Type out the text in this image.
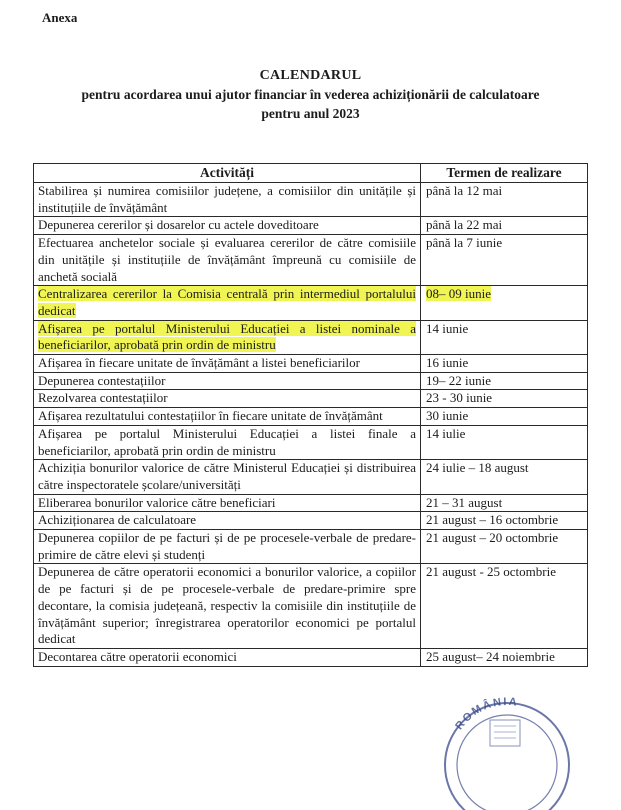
Anexa
CALENDARUL
pentru acordarea unui ajutor financiar în vederea achiziționării de calculatoare
pentru anul 2023
Activități	Termen de realizare
Stabilirea și numirea comisiilor județene, a comisiilor din unitățile și instituțiile de învățământ	până la 12 mai
Depunerea cererilor și dosarelor cu actele doveditoare	până la 22 mai
Efectuarea anchetelor sociale și evaluarea cererilor de către comisiile din unitățile și instituțiile de învățământ împreună cu comisiile de anchetă socială	până la 7 iunie
Centralizarea cererilor la Comisia centrală prin intermediul portalului dedicat	08– 09 iunie
Afișarea pe portalul Ministerului Educației a listei nominale a beneficiarilor, aprobată prin ordin de ministru	14 iunie
Afișarea în fiecare unitate de învățământ a listei beneficiarilor	16 iunie
Depunerea contestațiilor	19– 22 iunie
Rezolvarea contestațiilor	23 - 30 iunie
Afișarea rezultatului contestațiilor în fiecare unitate de învățământ	30 iunie
Afișarea pe portalul Ministerului Educației a listei finale a beneficiarilor, aprobată prin ordin de ministru	14 iulie
Achiziția bonurilor valorice de către Ministerul Educației și distribuirea către inspectoratele școlare/universități	24 iulie – 18 august
Eliberarea bonurilor valorice către beneficiari	21 – 31 august
Achiziționarea de calculatoare	21 august – 16 octombrie
Depunerea copiilor de pe facturi și de pe procesele-verbale de predare-primire de către elevi și studenți	21 august – 20 octombrie
Depunerea de către operatorii economici a bonurilor valorice, a copiilor de pe facturi și de pe procesele-verbale de predare-primire spre decontare, la comisia județeană, respectiv la comisiile din instituțiile de învățământ superior; înregistrarea operatorilor economici pe portalul dedicat	21 august - 25 octombrie
Decontarea către operatorii economici	25 august– 24 noiembrie
ROMÂNIA
